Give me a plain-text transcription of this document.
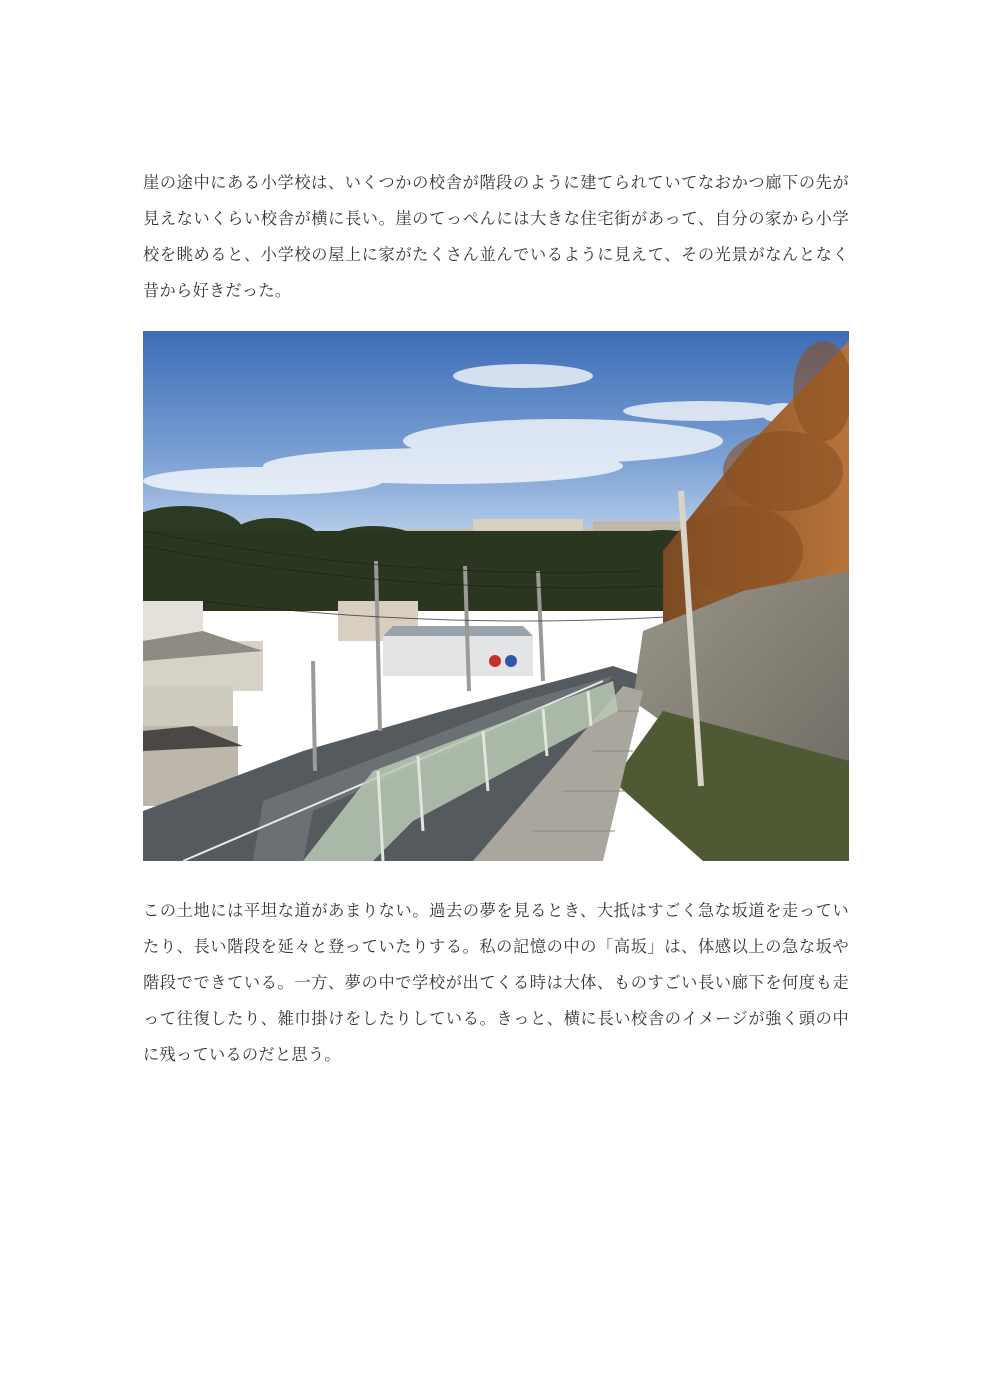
崖の途中にある小学校は、いくつかの校舎が階段のように建てられていてなおかつ廊下の先が見えないくらい校舎が横に長い。崖のてっぺんには大きな住宅街があって、自分の家から小学校を眺めると、小学校の屋上に家がたくさん並んでいるように見えて、その光景がなんとなく昔から好きだった。

この土地には平坦な道があまりない。過去の夢を見るとき、大抵はすごく急な坂道を走っていたり、長い階段を延々と登っていたりする。私の記憶の中の「高坂」は、体感以上の急な坂や階段でできている。一方、夢の中で学校が出てくる時は大体、ものすごい長い廊下を何度も走って往復したり、雑巾掛けをしたりしている。きっと、横に長い校舎のイメージが強く頭の中に残っているのだと思う。
